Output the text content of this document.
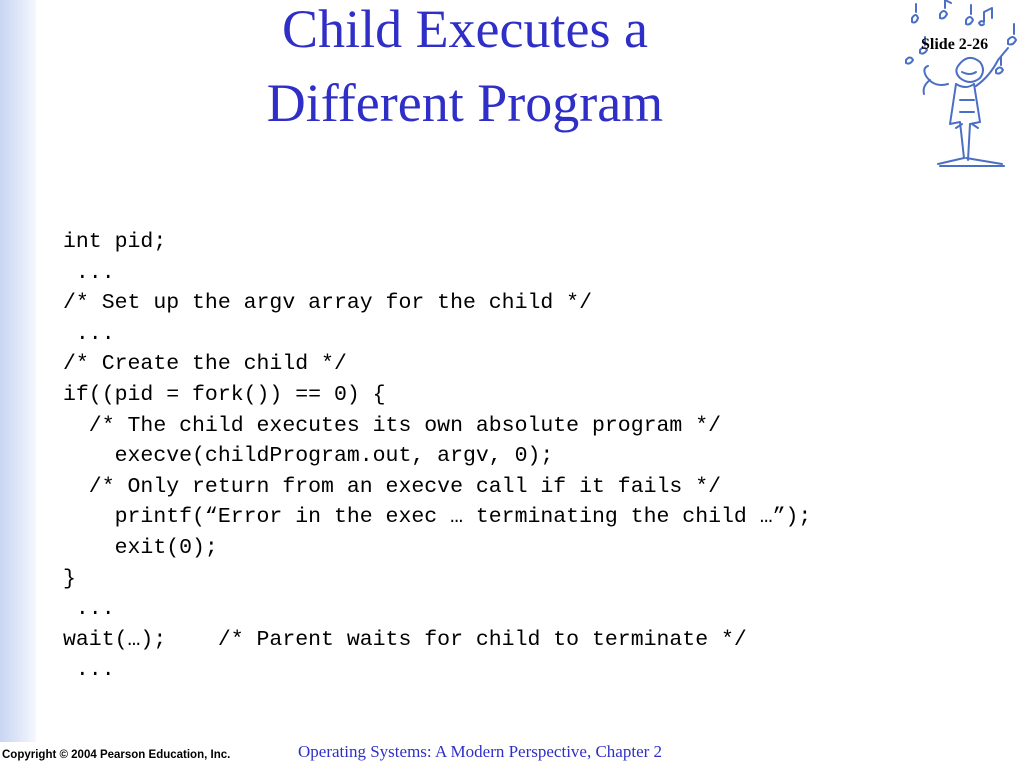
Child Executes a
Different Program
Slide 2-26
int pid;
...
/* Set up the argv array for the child */
...
/* Create the child */
if((pid = fork()) == 0) {
/* The child executes its own absolute program */
execve(childProgram.out, argv, 0);
/* Only return from an execve call if it fails */
printf(“Error in the exec … terminating the child …”);
exit(0);
}
...
wait(…);    /* Parent waits for child to terminate */
...
Copyright © 2004 Pearson Education, Inc.	Operating Systems: A Modern Perspective, Chapter 2
